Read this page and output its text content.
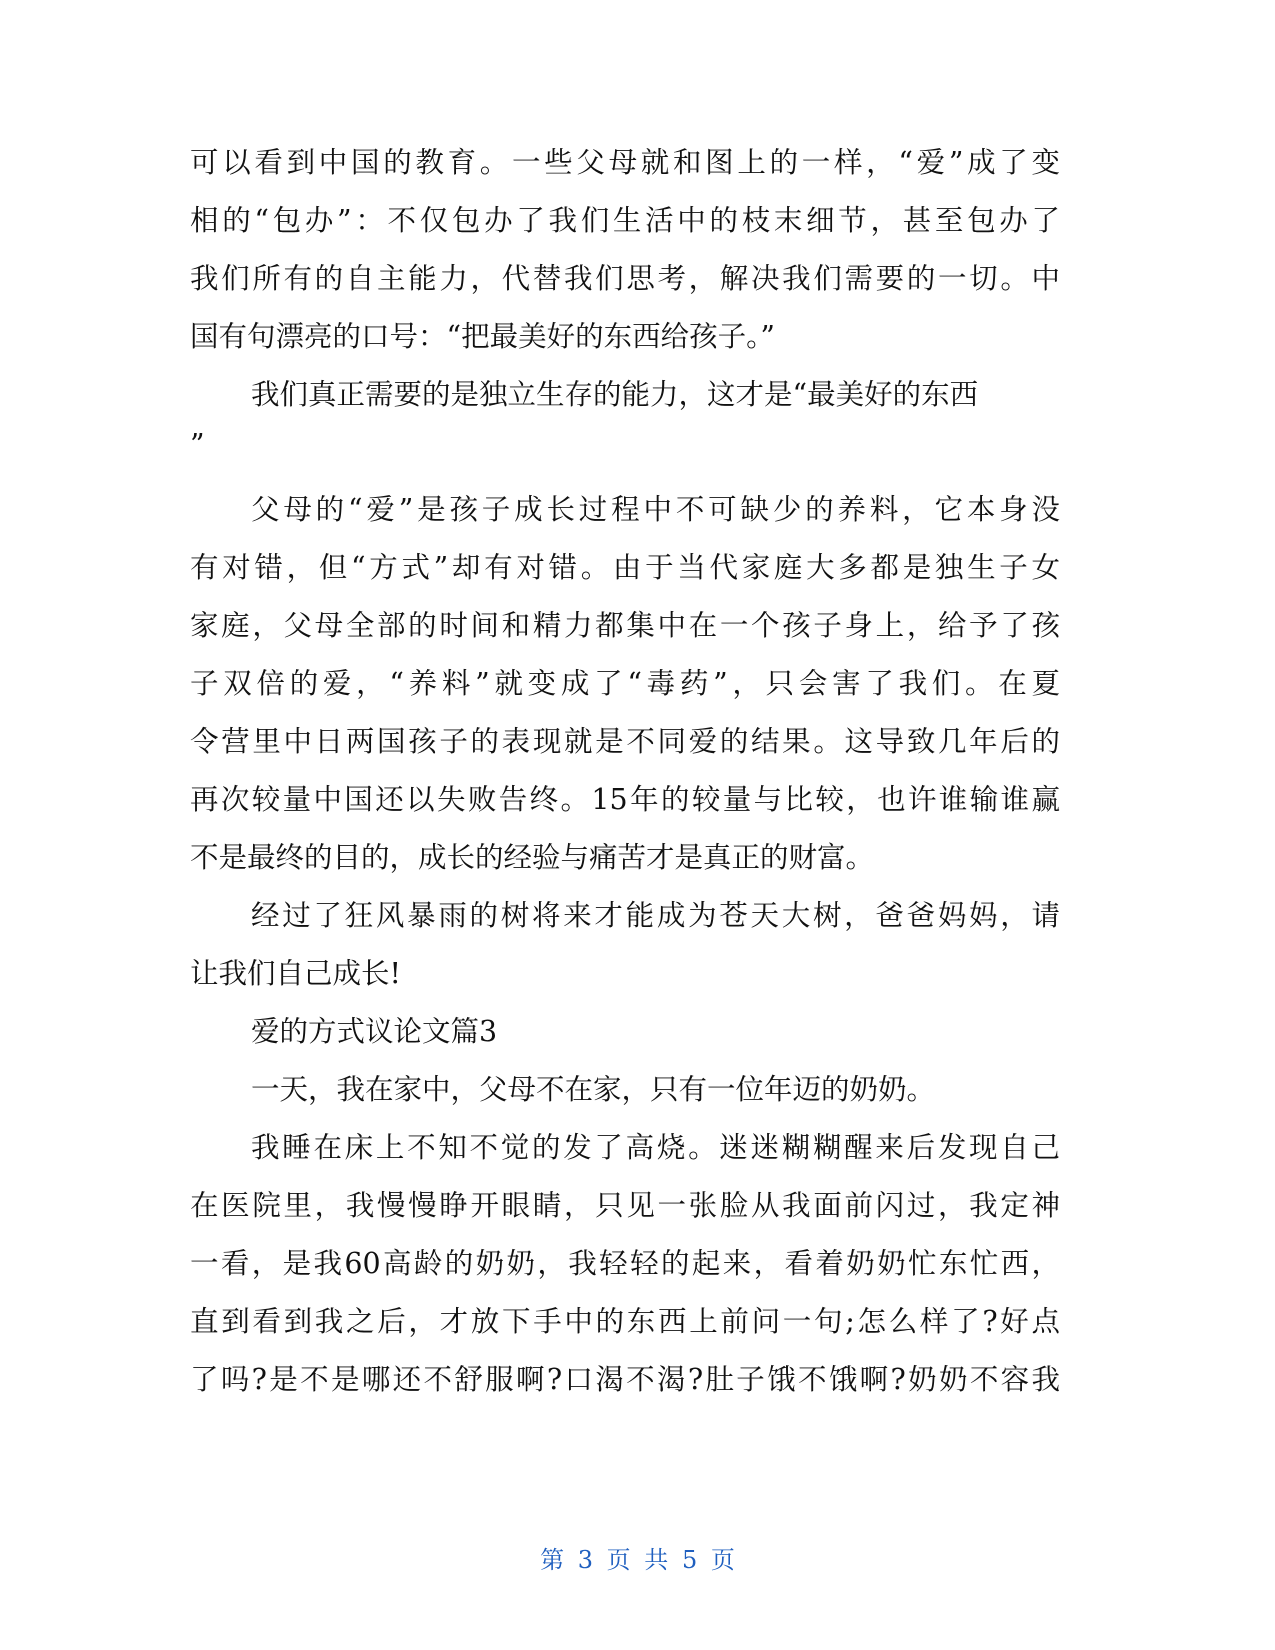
可以看到中国的教育。一些父母就和图上的一样，“爱”成了变
相的“包办”：不仅包办了我们生活中的枝末细节，甚至包办了
我们所有的自主能力，代替我们思考，解决我们需要的一切。中
国有句漂亮的口号：“把最美好的东西给孩子。”
我们真正需要的是独立生存的能力，这才是“最美好的东西
”
父母的“爱”是孩子成长过程中不可缺少的养料，它本身没
有对错，但“方式”却有对错。由于当代家庭大多都是独生子女
家庭，父母全部的时间和精力都集中在一个孩子身上，给予了孩
子双倍的爱，“养料”就变成了“毒药”，只会害了我们。在夏
令营里中日两国孩子的表现就是不同爱的结果。这导致几年后的
再次较量中国还以失败告终。15年的较量与比较，也许谁输谁赢
不是最终的目的，成长的经验与痛苦才是真正的财富。
经过了狂风暴雨的树将来才能成为苍天大树，爸爸妈妈，请
让我们自己成长!
爱的方式议论文篇3
一天，我在家中，父母不在家，只有一位年迈的奶奶。
我睡在床上不知不觉的发了高烧。迷迷糊糊醒来后发现自己
在医院里，我慢慢睁开眼睛，只见一张脸从我面前闪过，我定神
一看，是我60高龄的奶奶，我轻轻的起来，看着奶奶忙东忙西，
直到看到我之后，才放下手中的东西上前问一句;怎么样了?好点
了吗?是不是哪还不舒服啊?口渴不渴?肚子饿不饿啊?奶奶不容我
第 3 页 共 5 页
